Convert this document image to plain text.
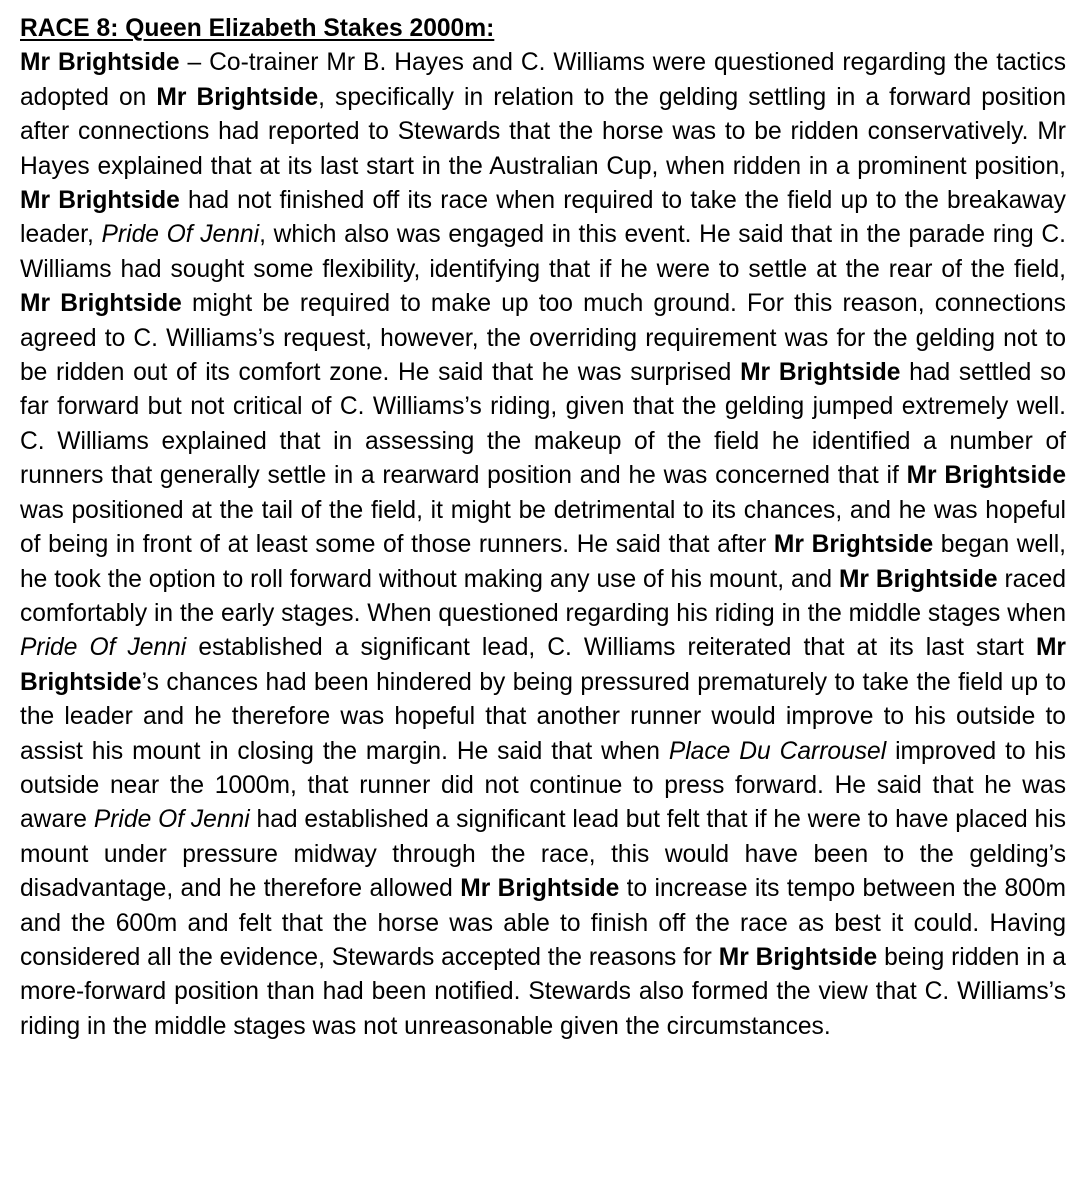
RACE 8: Queen Elizabeth Stakes 2000m:

Mr Brightside – Co-trainer Mr B. Hayes and C. Williams were questioned regarding the tactics adopted on Mr Brightside, specifically in relation to the gelding settling in a forward position after connections had reported to Stewards that the horse was to be ridden conservatively. Mr Hayes explained that at its last start in the Australian Cup, when ridden in a prominent position, Mr Brightside had not finished off its race when required to take the field up to the breakaway leader, Pride Of Jenni, which also was engaged in this event. He said that in the parade ring C. Williams had sought some flexibility, identifying that if he were to settle at the rear of the field, Mr Brightside might be required to make up too much ground. For this reason, connections agreed to C. Williams’s request, however, the overriding requirement was for the gelding not to be ridden out of its comfort zone. He said that he was surprised Mr Brightside had settled so far forward but not critical of C. Williams’s riding, given that the gelding jumped extremely well. C. Williams explained that in assessing the makeup of the field he identified a number of runners that generally settle in a rearward position and he was concerned that if Mr Brightside was positioned at the tail of the field, it might be detrimental to its chances, and he was hopeful of being in front of at least some of those runners. He said that after Mr Brightside began well, he took the option to roll forward without making any use of his mount, and Mr Brightside raced comfortably in the early stages. When questioned regarding his riding in the middle stages when Pride Of Jenni established a significant lead, C. Williams reiterated that at its last start Mr Brightside’s chances had been hindered by being pressured prematurely to take the field up to the leader and he therefore was hopeful that another runner would improve to his outside to assist his mount in closing the margin. He said that when Place Du Carrousel improved to his outside near the 1000m, that runner did not continue to press forward. He said that he was aware Pride Of Jenni had established a significant lead but felt that if he were to have placed his mount under pressure midway through the race, this would have been to the gelding’s disadvantage, and he therefore allowed Mr Brightside to increase its tempo between the 800m and the 600m and felt that the horse was able to finish off the race as best it could. Having considered all the evidence, Stewards accepted the reasons for Mr Brightside being ridden in a more-forward position than had been notified. Stewards also formed the view that C. Williams’s riding in the middle stages was not unreasonable given the circumstances.
